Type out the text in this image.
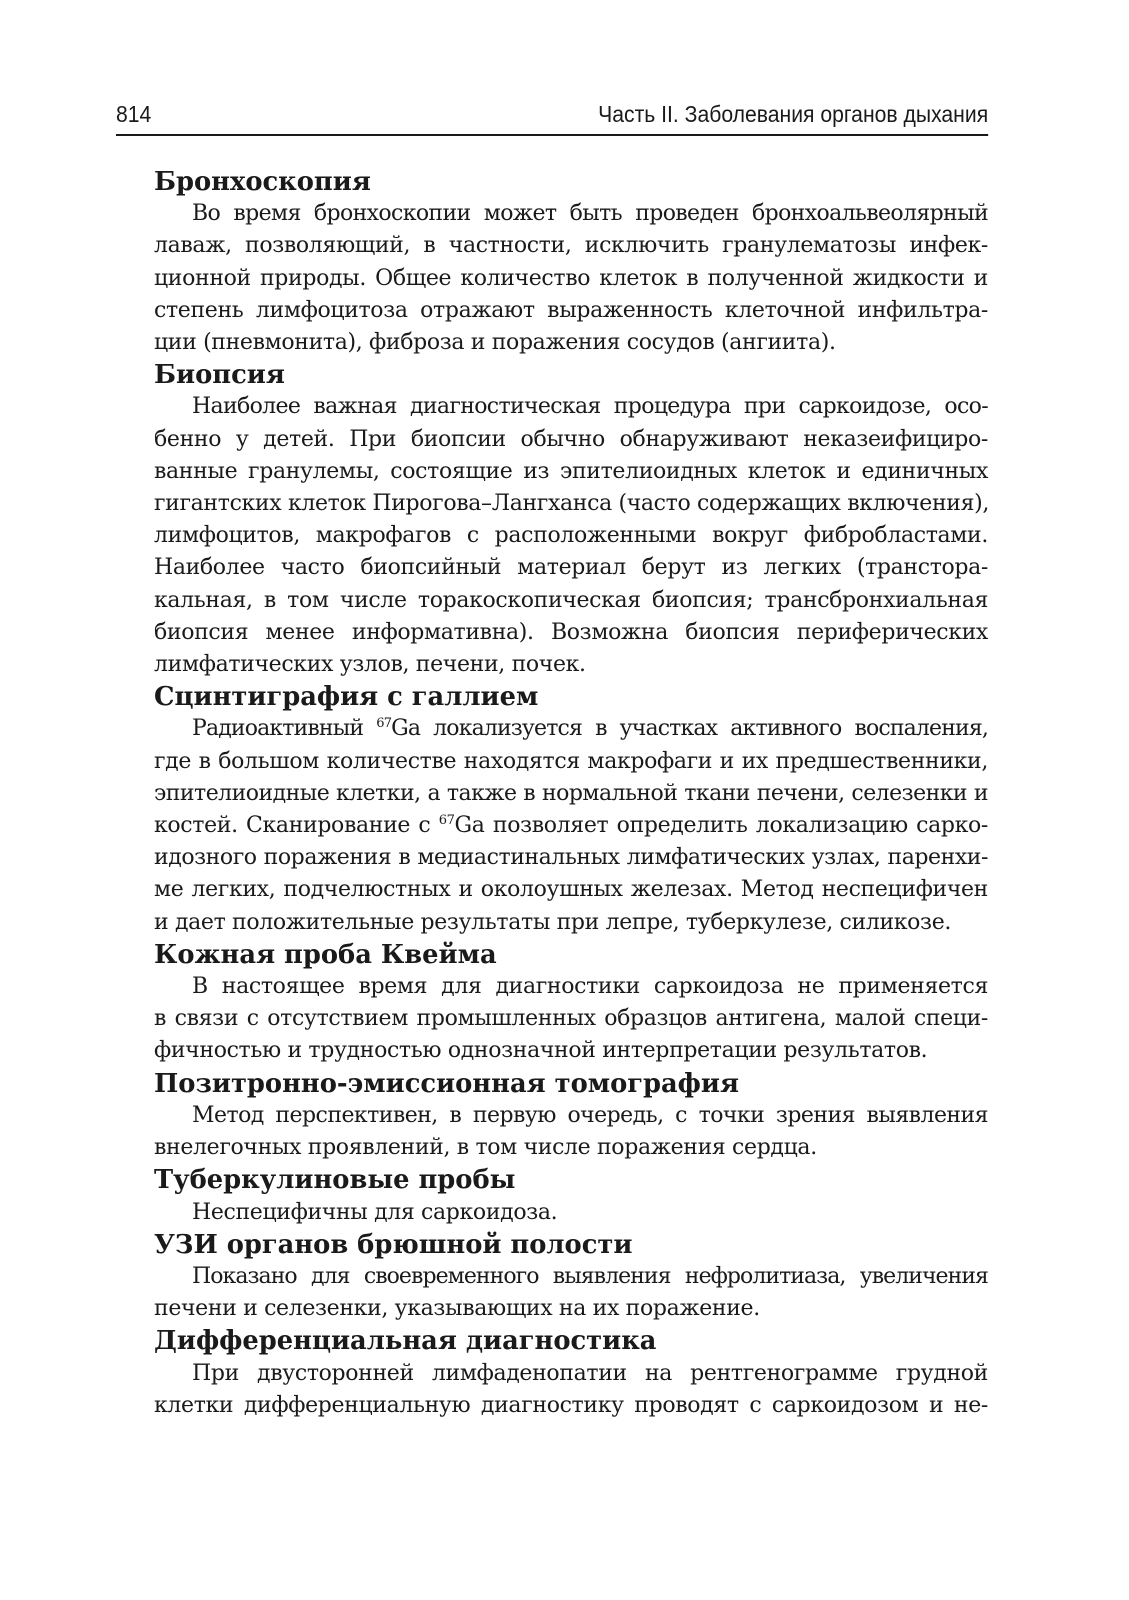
814	Часть II. Заболевания органов дыхания
Бронхоскопия

Во время бронхоскопии может быть проведен бронхоальвеолярный
лаваж, позволяющий, в частности, исключить гранулематозы инфек-
ционной природы. Общее количество клеток в полученной жидкости и
степень лимфоцитоза отражают выраженность клеточной инфильтра-
ции (пневмонита), фиброза и поражения сосудов (ангиита).

Биопсия

Наиболее важная диагностическая процедура при саркоидозе, осо-
бенно у детей. При биопсии обычно обнаруживают неказеифициро-
ванные гранулемы, состоящие из эпителиоидных клеток и единичных
гигантских клеток Пирогова–Лангханса (часто содержащих включения),
лимфоцитов, макрофагов с расположенными вокруг фибробластами.
Наиболее часто биопсийный материал берут из легких (трансторa-
кальная, в том числе торакоскопическая биопсия; трансбронхиальная
биопсия менее информативна). Возможна биопсия периферических
лимфатических узлов, печени, почек.

Сцинтиграфия с галлием

Радиоактивный $^{67}$Ga локализуется в участках активного воспаления,
где в большом количестве находятся макрофаги и их предшественники,
эпителиоидные клетки, а также в нормальной ткани печени, селезенки и
костей. Сканирование с $^{67}$Ga позволяет определить локализацию сарко-
идозного поражения в медиастинальных лимфатических узлах, паренхи-
ме легких, подчелюстных и околоушных железах. Метод неспецифичен
и дает положительные результаты при лепре, туберкулезе, силикозе.

Кожная проба Квейма

В настоящее время для диагностики саркоидоза не применяется
в связи с отсутствием промышленных образцов антигена, малой специ-
фичностью и трудностью однозначной интерпретации результатов.

Позитронно-эмиссионная томография

Метод перспективен, в первую очередь, с точки зрения выявления
внелегочных проявлений, в том числе поражения сердца.

Туберкулиновые пробы

Неспецифичны для саркоидоза.

УЗИ органов брюшной полости

Показано для своевременного выявления нефролитиаза, увеличения
печени и селезенки, указывающих на их поражение.

Дифференциальная диагностика

При двусторонней лимфаденопатии на рентгенограмме грудной
клетки дифференциальную диагностику проводят с саркоидозом и не-
